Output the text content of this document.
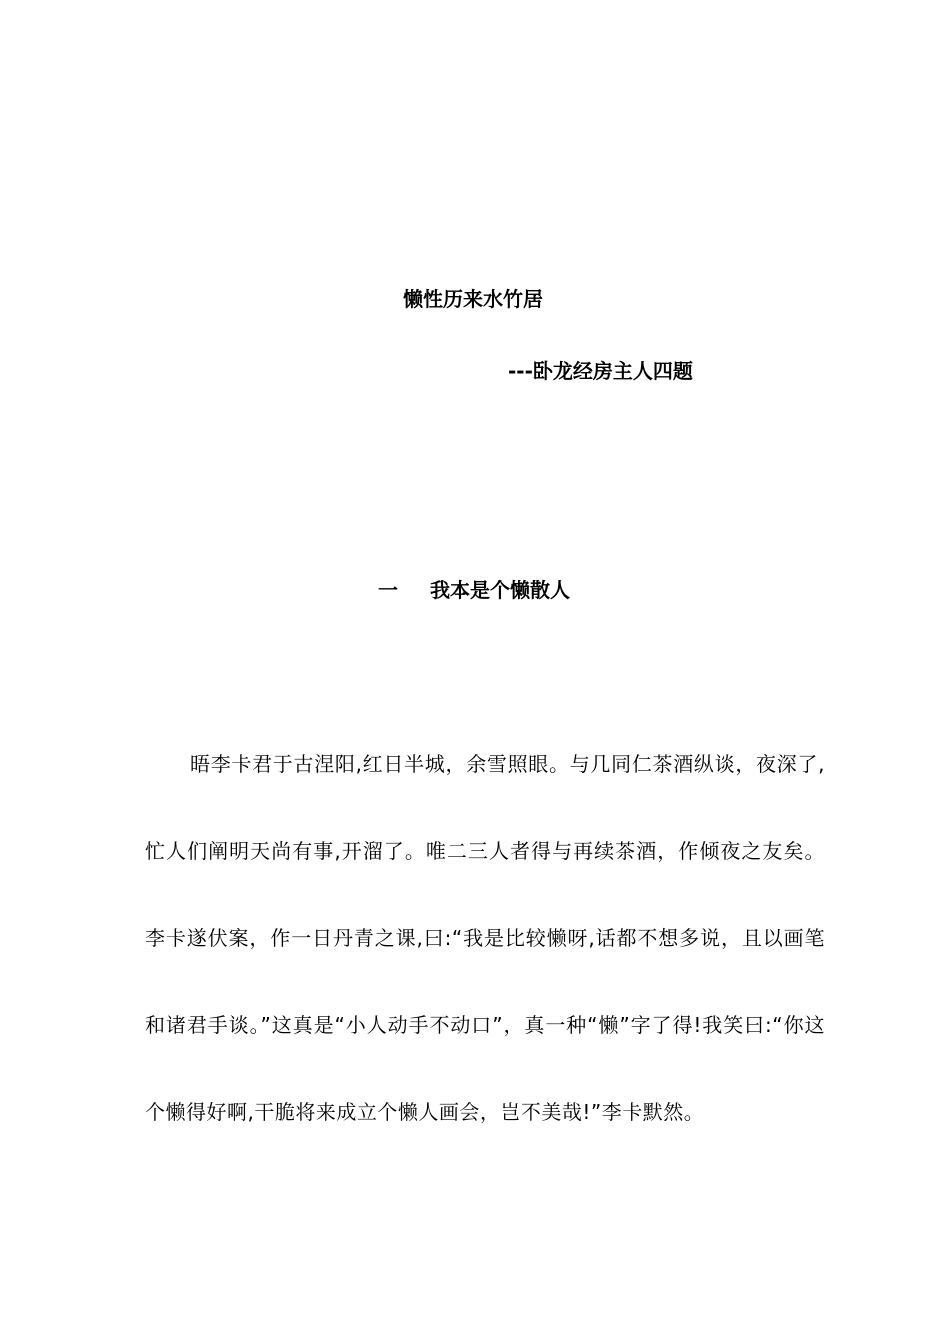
懒性历来水竹居
---卧龙经房主人四题
一 我本是个懒散人

晤李卡君于古涅阳,红日半城，余雪照眼。与几同仁茶酒纵谈，夜深了,忙人们阐明天尚有事,开溜了。唯二三人者得与再续茶酒，作倾夜之友矣。李卡遂伏案，作一日丹青之课,曰:“我是比较懒呀,话都不想多说，且以画笔和诸君手谈。”这真是“小人动手不动口”，真一种“懒”字了得!我笑曰:“你这个懒得好啊,干脆将来成立个懒人画会，岂不美哉!”李卡默然。
